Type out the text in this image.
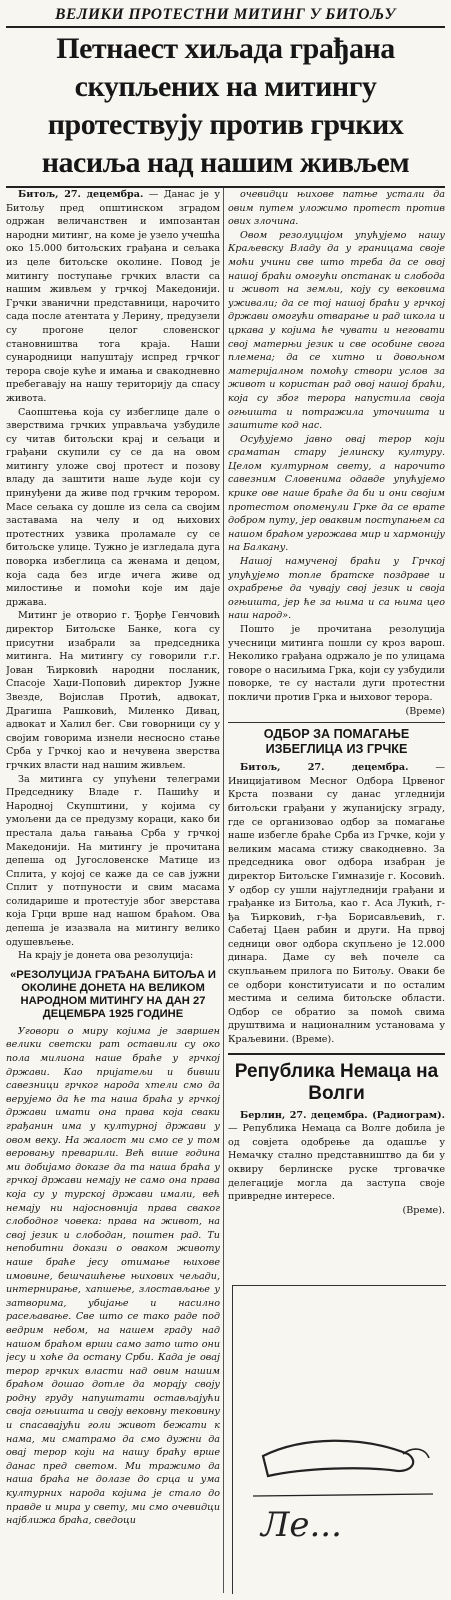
ВЕЛИКИ ПРОТЕСТНИ МИТИНГ У БИТОЉУ
Петнаест хиљада грађана скупљених на митингу протествују против грчких насиља над нашим живљем

Битољ, 27. децембра. — Данас је у Битољу пред општинском зградом одржан величанствен и импозантан народни митинг, на коме је узело учешћа око 15.000 битољских грађана и сељака из целе битољске околине. Повод је митингу поступање грчких власти са нашим живљем у грчкој Македонији. Грчки званични представници, нарочито сада после атентата у Лерину, предузели су прогоне целог словенског становништва тога краја. Наши сународници напуштају испред грчког терора своје куће и имања и свакодневно пребегавају на нашу територију да спасу живота.

Саопштења која су избеглице дале о зверствима грчких управљача узбудиле су читав битољски крај и сељаци и грађани скупили су се да на овом митингу уложе свој протест и позову владу да заштити наше људе који су принуђени да живе под грчким терором. Масе сељака су дошле из села са својим заставама на челу и од њихових протестних узвика проламале су се битољске улице. Тужно је изгледала дуга поворка избеглица са женама и децом, која сада без игде ичега живе од милостиње и помоћи које им даје држава.

Митинг је отворио г. Ђорђе Генчовић директор Битољске Банке, кога су присутни изабрали за председника митинга. На митингу су говорили г.г. Јован Ћирковић народни посланик, Спасоје Хаџи-Поповић директор Јужне Звезде, Војислав Протић, адвокат, Драгиша Рашковић, Миленко Дивац, адвокат и Халил бег. Сви говорници су у својим говорима изнели несносно стање Срба у Грчкој као и нечувена зверства грчких власти над нашим живљем.

За митинга су упућени телеграми Председнику Владе г. Пашићу и Народној Скупштини, у којима су умољени да се предузму кораци, како би престала даља гањања Срба у грчкој Македонији. На митингу је прочитана депеша од Југословенске Матице из Сплита, у којој се каже да се сав јужни Сплит у потпуности и свим масама солидарише и протестује због зверстава која Грци врше над нашом браћом. Ова депеша је изазвала на митингу велико одушевљење.

На крају је донета ова резолуција:

«РЕЗОЛУЦИЈА ГРАЂАНА БИТОЉА И ОКОЛИНЕ ДОНЕТА НА ВЕЛИКОМ НАРОДНОМ МИТИНГУ НА ДАН 27 ДЕЦЕМБРА 1925 ГОДИНЕ

Уговори о миру којима је завршен велики светски рат оставили су око пола милиона наше браће у грчкој држави. Као пријатељи и бивши савезници грчког народа хтели смо да верујемо да ће та наша браћа у грчкој држави имати она права која сваки грађанин има у културној држави у овом веку. На жалост ми смо се у том веровању преварили. Већ више година ми добијамо доказе да та наша браћа у грчкој држави немају не само она права која су у турској држави имали, већ немају ни најосновнија права сваког слободног човека: права на живот, на свој језик и слободан, поштен рад. Ти непобитни докази о оваком животу наше браће јесу отимање њихове имовине, бешчашћење њихових чељади, интернирање, хапшење, злостављање у затворима, убијање и насилно расељавање. Све што се тако раде под ведрим небом, на нашем граду над нашом браћом врши само зато што они јесу и хоће да остану Срби. Када је овај терор грчких власти над овим нашим браћом дошао дотле да морају своју родну груду напуштати остављајући своја огњишта и своју вековну тековину и спасавајући голи живот бежати к нама, ми сматрамо да смо дужни да овај терор који на нашу браћу врше данас пред светом. Ми тражимо да наша браћа не долазе до срца и ума културних народа којима је стало до правде и мира у свету, ми смо очевидци најближа браћа, сведоци

очевидци њихове патње устали да овим путем уложимо протест против ових злочина.

Овом резолуцијом упућујемо нашу Краљевску Владу да у границама своје моћи учини све што треба да се овој нашој браћи омогући опстанак и слобода и живот на земљи, коју су вековима уживали; да се тој нашој браћи у грчкој држави омогући отварање и рад школа и цркава у којима ће чувати и неговати свој матерњи језик и све особине свога племена; да се хитно и довољном материјалном помоћу створи услов за живот и користан рад овој нашој браћи, која су због терора напустила своја огњишта и потражила уточишта и заштите код нас.

Осуђујемо јавно овај терор који сраматан стару јелинску културу. Целом културном свету, а нарочито савезним Словенима одавде упућујемо крике ове наше браће да би и они својим протестом опоменули Грке да се врате добром путу, јер оваквим поступањем са нашом браћом угрожава мир и хармонију на Балкану.

Нашој намученој браћи у Грчкој упућујемо топле братске поздраве и охрабрење да чувају свој језик и своја огњишта, јер ће за њима и са њима цео наш народ».

Пошто је прочитана резолуција учесници митинга пошли су кроз варош. Неколико грађана одржало је по улицама говоре о насиљима Грка, који су узбудили поворке, те су настали дуги протестни покличи против Грка и њиховог терора.

(Време)

ОДБОР ЗА ПОМАГАЊЕ ИЗБЕГЛИЦА ИЗ ГРЧКЕ

Битољ, 27. децембра.	— Иницијативом Месног Одбора Црвеног Крста позвани су данас угледнији битољски грађани у жупанијску зграду, где се организовао одбор за помагање наше избегле браће Срба из Грчке, који у великим масама стижу свакодневно. За председника овог одбора изабран је директор Битољске Гимназије г. Косовић. У одбор су ушли најугледнији грађани и грађанке из Битоља, као г. Аса Лукић, г-ђа Ћирковић, г-ђа Борисављевић, г. Сабетај Цаен рабин и други. На првој седници овог одбора скупљено је 12.000 динара. Даме су већ почеле са скупљањем прилога по Битољу. Оваки бе се одбори конституисати и по осталим местима и селима битољске области. Одбор се обратио за помоћ свима друштвима и националним установама у Краљевини. (Време).

Република Немаца на Волги

Берлин, 27. децембра. (Радиограм). — Република Немаца са Волге добила је од совјета одобрење да одашље у Немачку стално представништво да би у оквиру берлинске руске трговачке делегације могла да заступа своје привредне интересе.

(Време).

Ле...
